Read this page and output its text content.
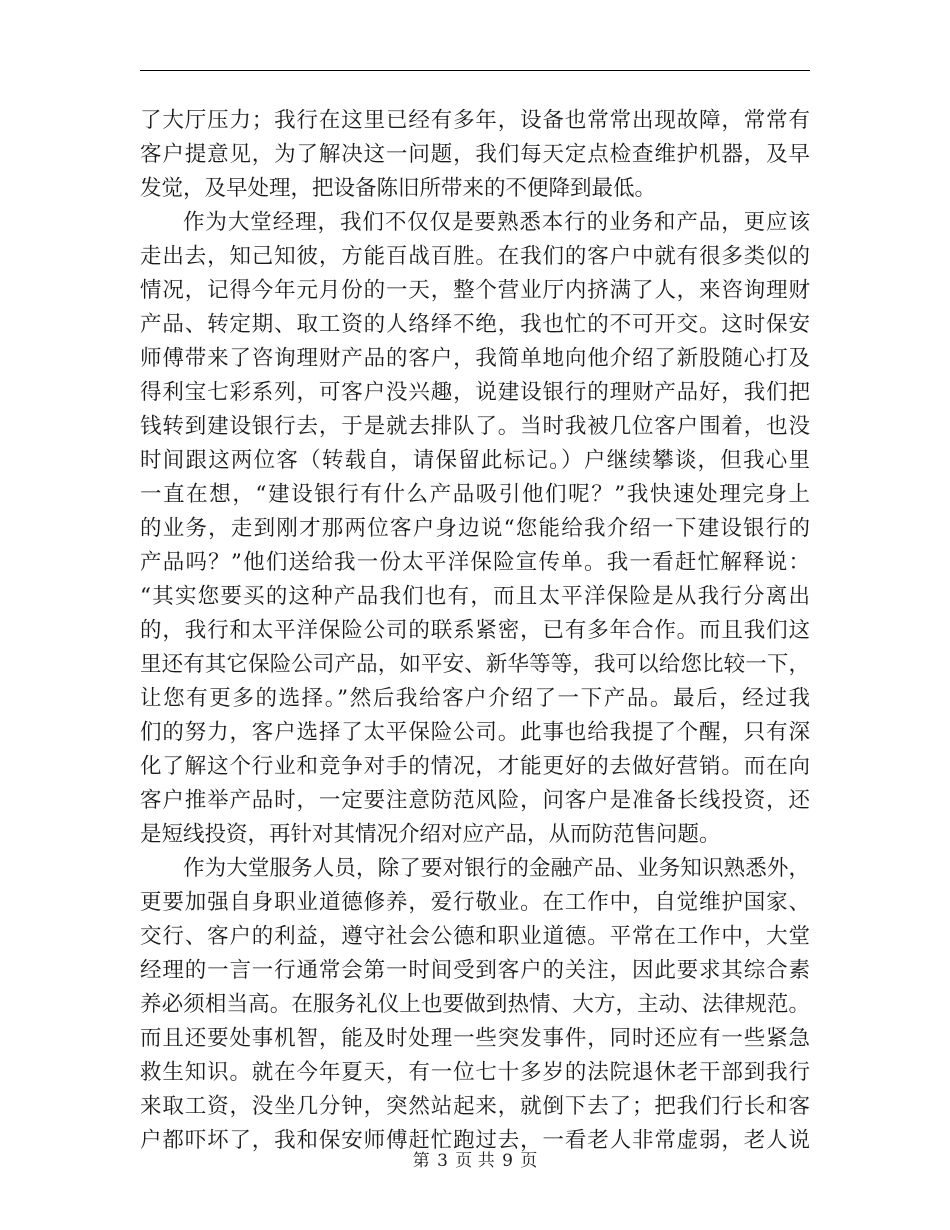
了大厅压力；我行在这里已经有多年，设备也常常出现故障，常常有
客户提意见，为了解决这一问题，我们每天定点检查维护机器，及早
发觉，及早处理，把设备陈旧所带来的不便降到最低。
作为大堂经理，我们不仅仅是要熟悉本行的业务和产品，更应该
走出去，知己知彼，方能百战百胜。在我们的客户中就有很多类似的
情况，记得今年元月份的一天，整个营业厅内挤满了人，来咨询理财
产品、转定期、取工资的人络绎不绝，我也忙的不可开交。这时保安
师傅带来了咨询理财产品的客户，我简单地向他介绍了新股随心打及
得利宝七彩系列，可客户没兴趣，说建设银行的理财产品好，我们把
钱转到建设银行去，于是就去排队了。当时我被几位客户围着，也没
时间跟这两位客（转载自，请保留此标记。）户继续攀谈，但我心里
一直在想，“建设银行有什么产品吸引他们呢？”我快速处理完身上
的业务，走到刚才那两位客户身边说“您能给我介绍一下建设银行的
产品吗？”他们送给我一份太平洋保险宣传单。我一看赶忙解释说：
“其实您要买的这种产品我们也有，而且太平洋保险是从我行分离出
的，我行和太平洋保险公司的联系紧密，已有多年合作。而且我们这
里还有其它保险公司产品，如平安、新华等等，我可以给您比较一下，
让您有更多的选择。”然后我给客户介绍了一下产品。最后，经过我
们的努力，客户选择了太平保险公司。此事也给我提了个醒，只有深
化了解这个行业和竞争对手的情况，才能更好的去做好营销。而在向
客户推举产品时，一定要注意防范风险，问客户是准备长线投资，还
是短线投资，再针对其情况介绍对应产品，从而防范售问题。
作为大堂服务人员，除了要对银行的金融产品、业务知识熟悉外，
更要加强自身职业道德修养，爱行敬业。在工作中，自觉维护国家、
交行、客户的利益，遵守社会公德和职业道德。平常在工作中，大堂
经理的一言一行通常会第一时间受到客户的关注，因此要求其综合素
养必须相当高。在服务礼仪上也要做到热情、大方，主动、法律规范。
而且还要处事机智，能及时处理一些突发事件，同时还应有一些紧急
救生知识。就在今年夏天，有一位七十多岁的法院退休老干部到我行
来取工资，没坐几分钟，突然站起来，就倒下去了；把我们行长和客
户都吓坏了，我和保安师傅赶忙跑过去，一看老人非常虚弱，老人说
第 3 页 共 9 页
